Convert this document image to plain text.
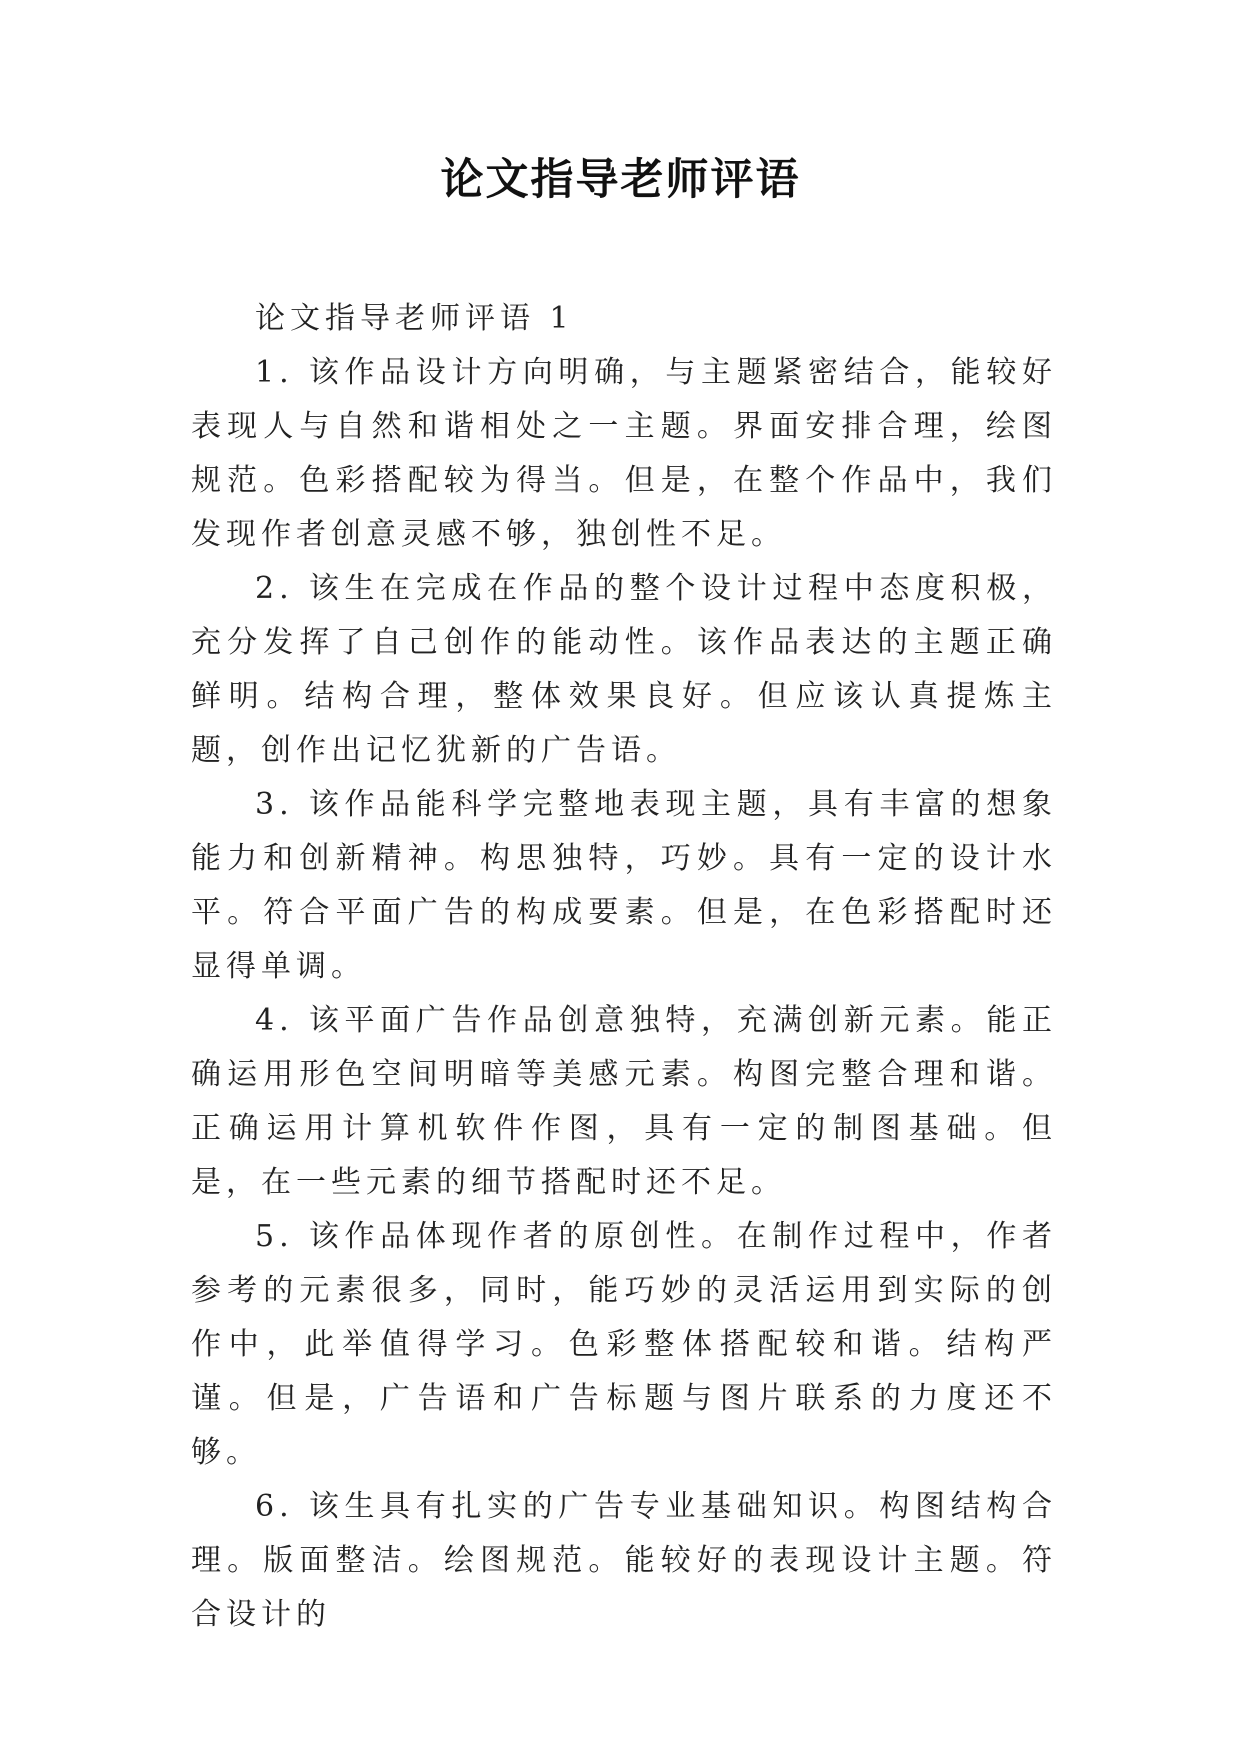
论文指导老师评语

论文指导老师评语 1

1. 该作品设计方向明确，与主题紧密结合，能较好表现人与自然和谐相处之一主题。界面安排合理，绘图规范。色彩搭配较为得当。但是，在整个作品中，我们发现作者创意灵感不够，独创性不足。

2. 该生在完成在作品的整个设计过程中态度积极，充分发挥了自己创作的能动性。该作品表达的主题正确鲜明。结构合理，整体效果良好。但应该认真提炼主题，创作出记忆犹新的广告语。

3. 该作品能科学完整地表现主题，具有丰富的想象能力和创新精神。构思独特，巧妙。具有一定的设计水平。符合平面广告的构成要素。但是，在色彩搭配时还显得单调。

4. 该平面广告作品创意独特，充满创新元素。能正确运用形色空间明暗等美感元素。构图完整合理和谐。正确运用计算机软件作图，具有一定的制图基础。但是，在一些元素的细节搭配时还不足。

5. 该作品体现作者的原创性。在制作过程中，作者参考的元素很多，同时，能巧妙的灵活运用到实际的创作中，此举值得学习。色彩整体搭配较和谐。结构严谨。但是，广告语和广告标题与图片联系的力度还不够。

6. 该生具有扎实的广告专业基础知识。构图结构合理。版面整洁。绘图规范。能较好的表现设计主题。符合设计的
